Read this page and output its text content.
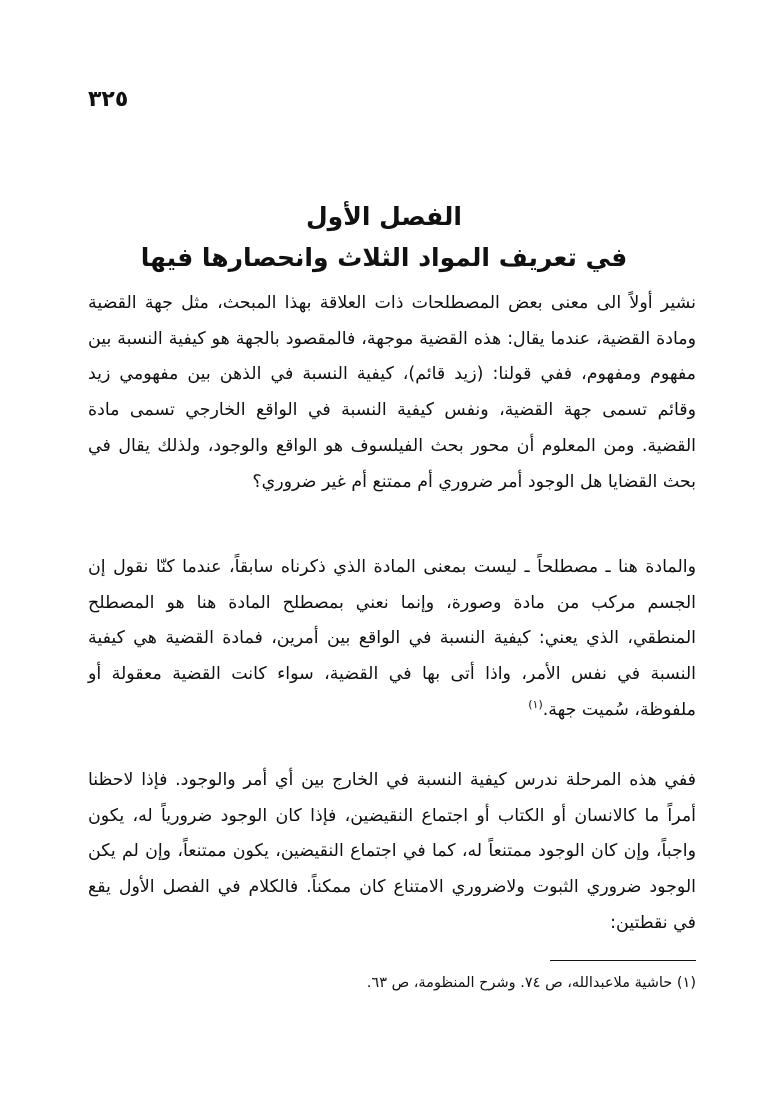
٣٢٥
الفصل الأول
في تعريف المواد الثلاث وانحصارها فيها

نشير أولاً الى معنى بعض المصطلحات ذات العلاقة بهذا المبحث، مثل جهة القضية ومادة القضية، عندما يقال: هذه القضية موجهة، فالمقصود بالجهة هو كيفية النسبة بين مفهوم ومفهوم، ففي قولنا: (زيد قائم)، كيفية النسبة في الذهن بين مفهومي زيد وقائم تسمى جهة القضية، ونفس كيفية النسبة في الواقع الخارجي تسمى مادة القضية. ومن المعلوم أن محور بحث الفيلسوف هو الواقع والوجود، ولذلك يقال في بحث القضايا هل الوجود أمر ضروري أم ممتنع أم غير ضروري؟

والمادة هنا ـ مصطلحاً ـ ليست بمعنى المادة الذي ذكرناه سابقاً، عندما كنّا نقول إن الجسم مركب من مادة وصورة، وإنما نعني بمصطلح المادة هنا هو المصطلح المنطقي، الذي يعني: كيفية النسبة في الواقع بين أمرين، فمادة القضية هي كيفية النسبة في نفس الأمر، واذا أتى بها في القضية، سواء كانت القضية معقولة أو ملفوظة، سُميت جهة.$^{(١)}$

ففي هذه المرحلة ندرس كيفية النسبة في الخارج بين أي أمر والوجود. فإذا لاحظنا أمراً ما كالانسان أو الكتاب أو اجتماع النقيضين، فإذا كان الوجود ضرورياً له، يكون واجباً، وإن كان الوجود ممتنعاً له، كما في اجتماع النقيضين، يكون ممتنعاً، وإن لم يكن الوجود ضروري الثبوت ولاضروري الامتناع كان ممكناً. فالكلام في الفصل الأول يقع في نقطتين:

(١) حاشية ملاعبدالله، ص ٧٤. وشرح المنظومة، ص ٦٣.
